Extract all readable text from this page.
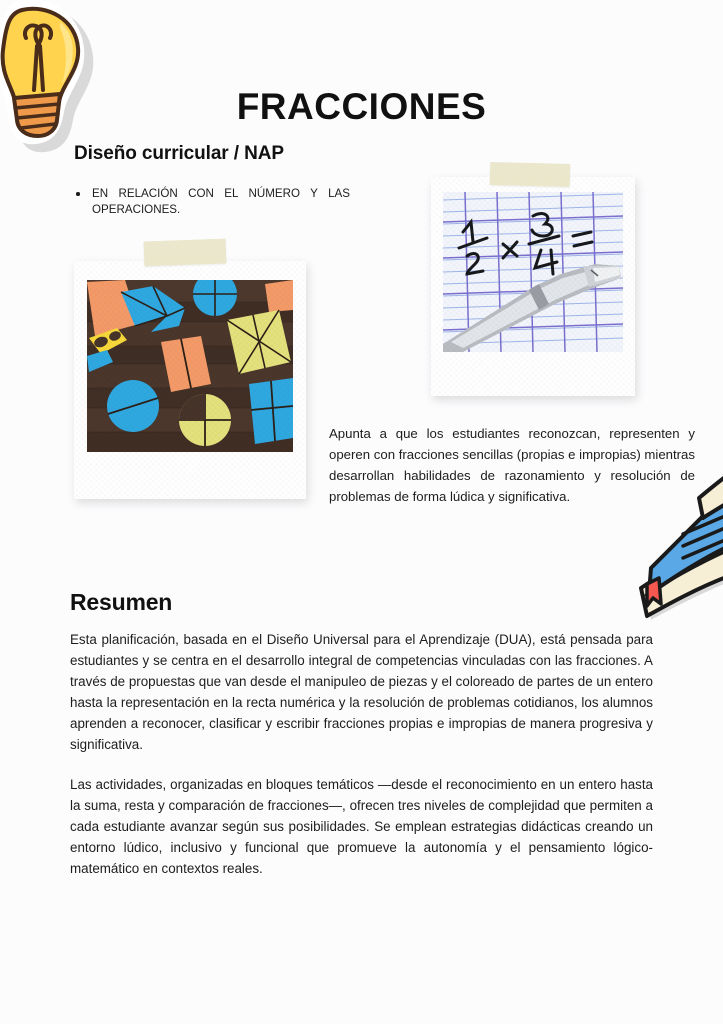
FRACCIONES
Diseño curricular / NAP
EN RELACIÓN CON EL NÚMERO Y LAS OPERACIONES.
Apunta a que los estudiantes reconozcan, representen y operen con fracciones sencillas (propias e impropias) mientras desarrollan habilidades de razonamiento y resolución de problemas de forma lúdica y significativa.
Resumen

Esta planificación, basada en el Diseño Universal para el Aprendizaje (DUA), está pensada para estudiantes y se centra en el desarrollo integral de competencias vinculadas con las fracciones. A través de propuestas que van desde el manipuleo de piezas y el coloreado de partes de un entero hasta la representación en la recta numérica y la resolución de problemas cotidianos, los alumnos aprenden a reconocer, clasificar y escribir fracciones propias e impropias de manera progresiva y significativa.

Las actividades, organizadas en bloques temáticos —desde el reconocimiento en un entero hasta la suma, resta y comparación de fracciones—, ofrecen tres niveles de complejidad que permiten a cada estudiante avanzar según sus posibilidades. Se emplean estrategias didácticas creando un entorno lúdico, inclusivo y funcional que promueve la autonomía y el pensamiento lógico-matemático en contextos reales.
